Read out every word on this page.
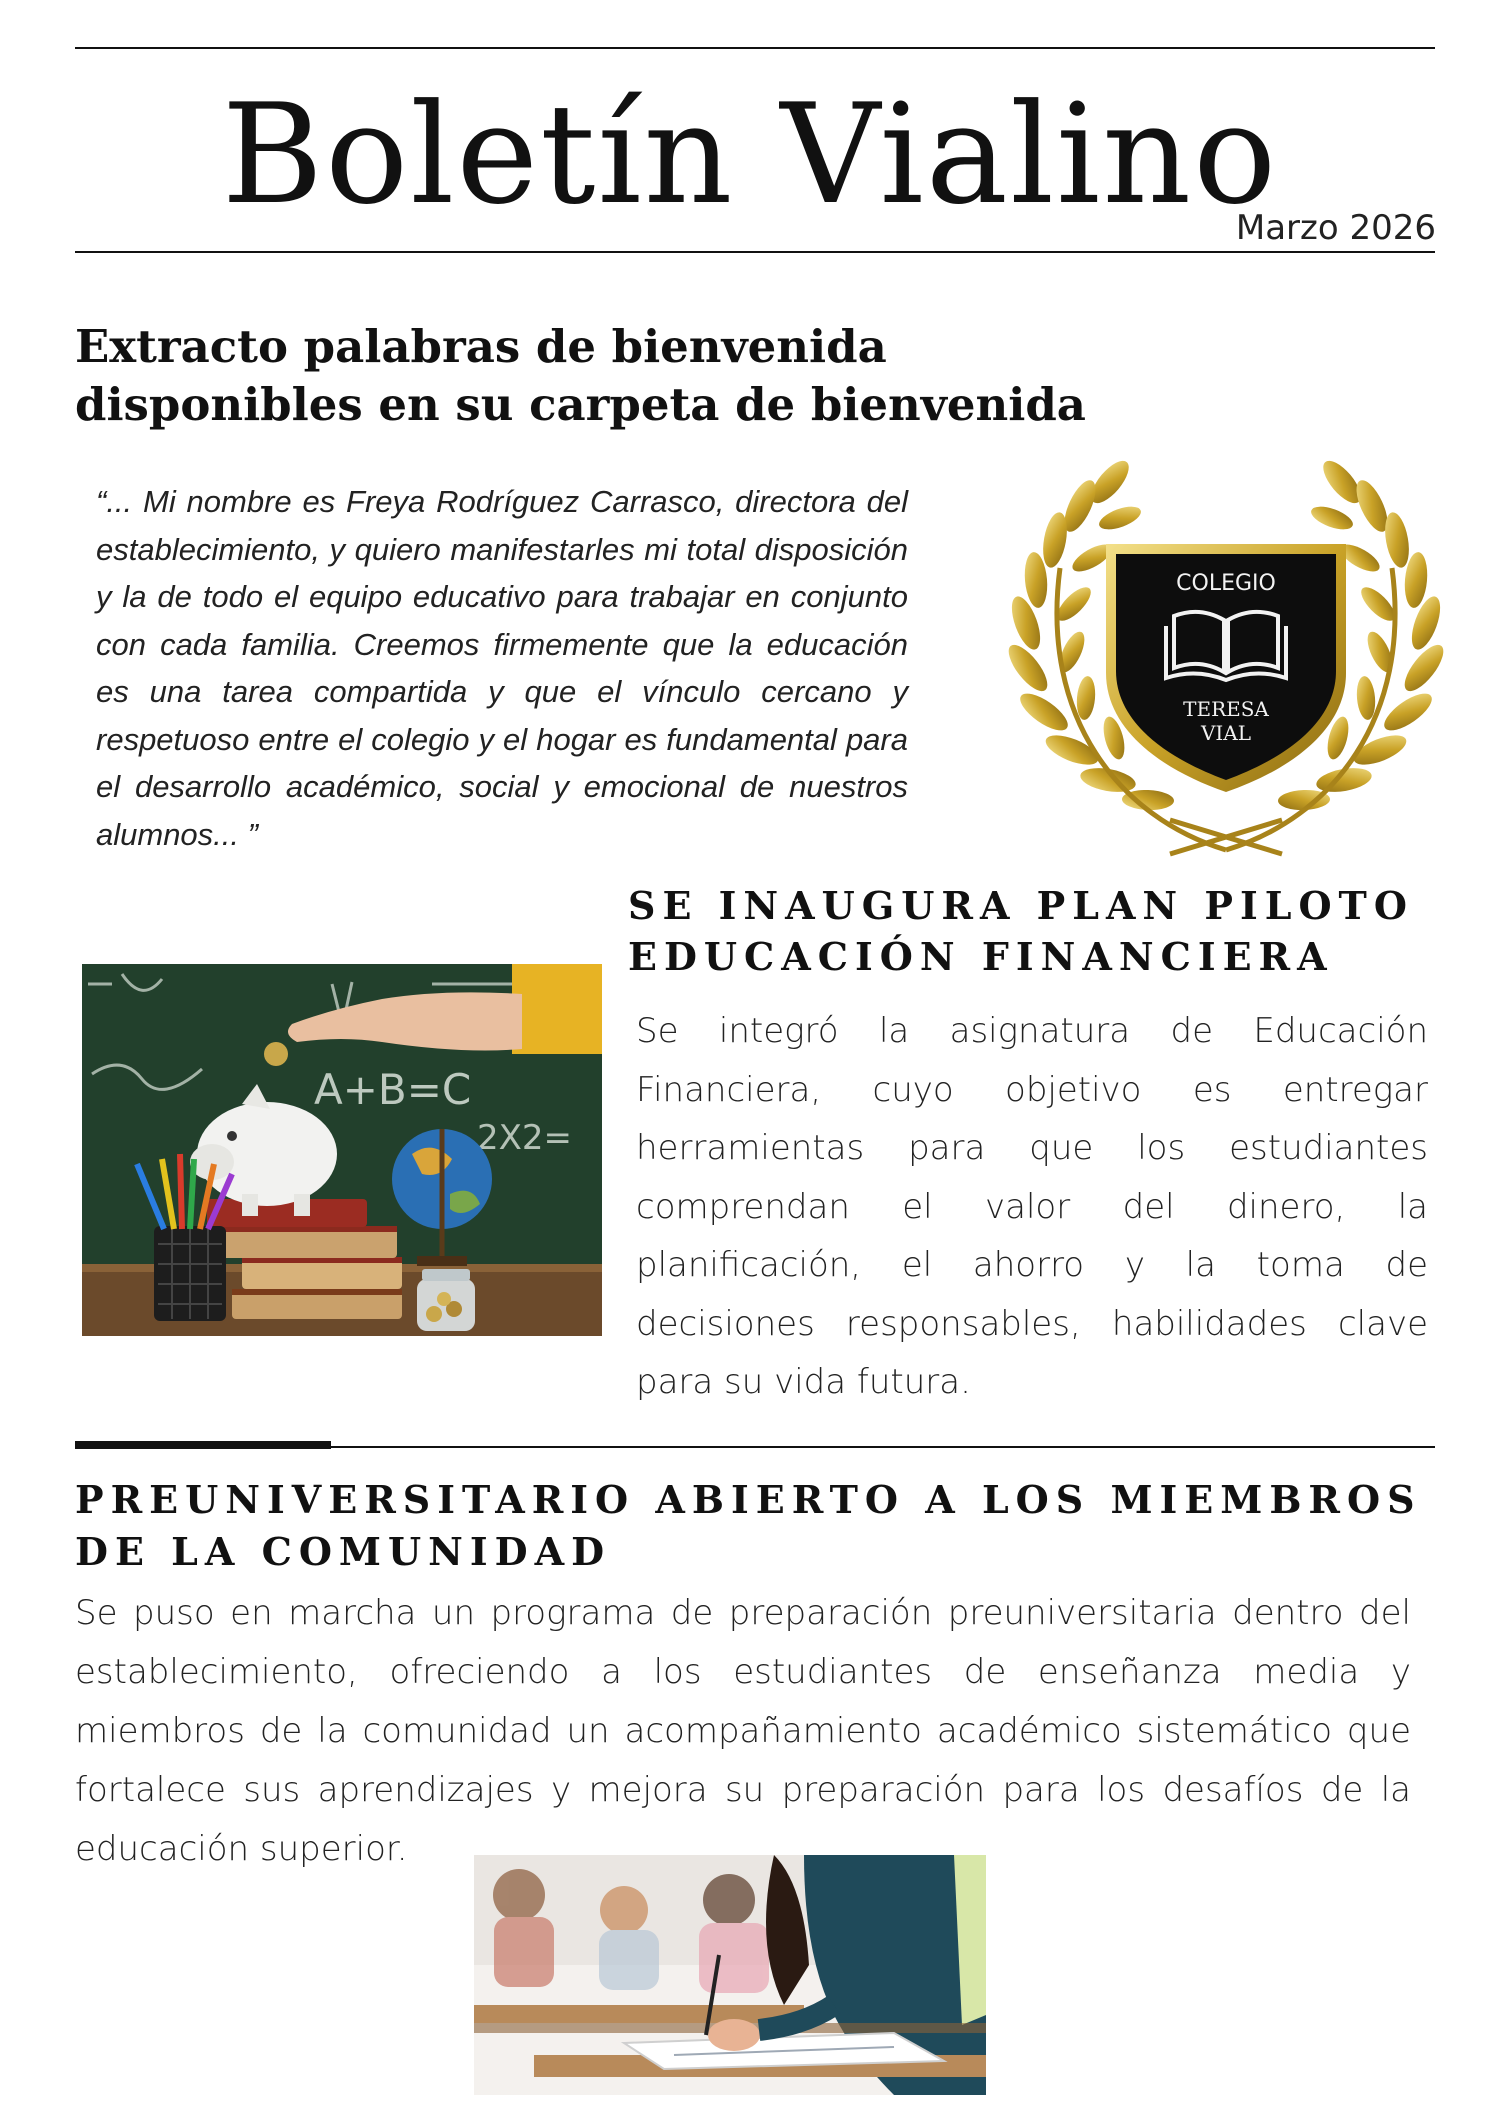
Boletín Vialino
Marzo 2026
Extracto palabras de bienvenida
disponibles en su carpeta de bienvenida

“... Mi nombre es Freya Rodríguez Carrasco, directora del establecimiento, y quiero manifestarles mi total disposición y la de todo el equipo educativo para trabajar en conjunto con cada familia. Creemos firmemente que la educación es una tarea compartida y que el vínculo cercano y respetuoso entre el colegio y el hogar es fundamental para el desarrollo académico, social y emocional de nuestros alumnos... ”

COLEGIO
TERESA
VIAL
SE INAUGURA PLAN PILOTO
EDUCACIÓN FINANCIERA
A+B=C
2X2=

Se integró la asignatura de Educación Financiera, cuyo objetivo es entregar herramientas para que los estudiantes comprendan el valor del dinero, la planificación, el ahorro y la toma de decisiones responsables, habilidades clave para su vida futura.

PREUNIVERSITARIO ABIERTO A LOS MIEMBROS
DE LA COMUNIDAD

Se puso en marcha un programa de preparación preuniversitaria dentro del establecimiento, ofreciendo a los estudiantes de enseñanza media y miembros de la comunidad un acompañamiento académico sistemático que fortalece sus aprendizajes y mejora su preparación para los desafíos de la educación superior.
